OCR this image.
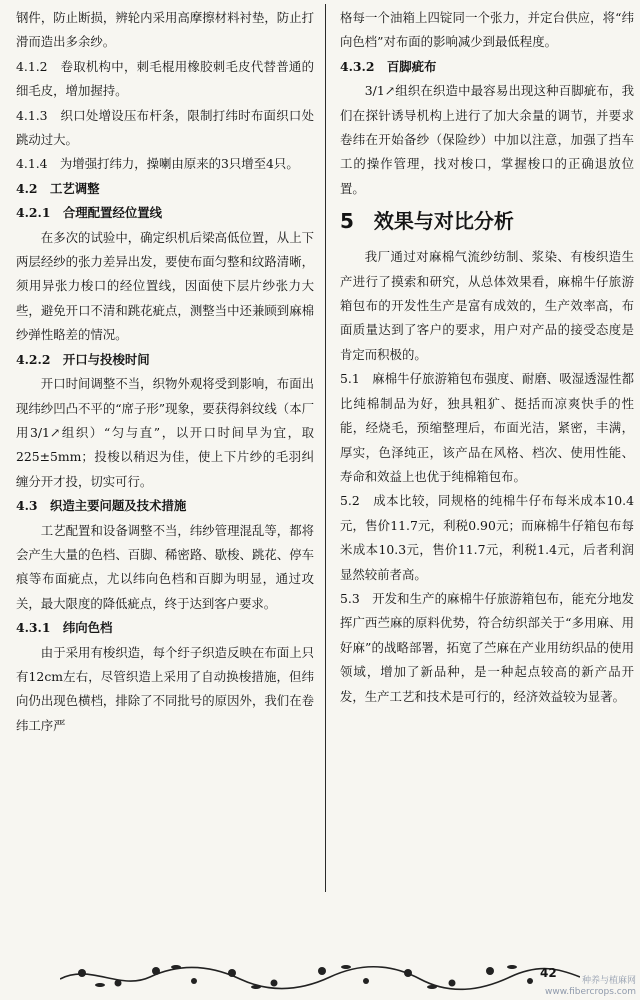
钢件，防止断损，辨轮内采用高摩擦材料衬垫，防止打滑而造出多余纱。

4.1.2　卷取机构中，刺毛棍用橡胶刺毛皮代替普通的细毛皮，增加握持。

4.1.3　织口处增设压布杆条，限制打纬时布面织口处跳动过大。

4.1.4　为增强打纬力，操喇由原来的3只增至4只。

4.2　工艺调整

4.2.1　合理配置经位置线

在多次的试验中，确定织机后梁高低位置，从上下两层经纱的张力差异出发，要使布面匀整和纹路清晰，须用异张力梭口的经位置线，因面使下层片纱张力大些，避免开口不清和跳花疵点，测整当中还兼顾到麻棉纱弹性略差的情况。

4.2.2　开口与投梭时间

开口时间调整不当，织物外观将受到影响，布面出现纬纱凹凸不平的“席子形”现象，要获得斜纹线（本厂用3/1↗组织）“匀与直”，以开口时间早为宜，取225±5mm；投梭以稍迟为佳，使上下片纱的毛羽纠缠分开才投，切实可行。

4.3　织造主要问题及技术措施

工艺配置和设备调整不当，纬纱管理混乱等，都将会产生大量的色档、百脚、稀密路、歇梭、跳花、停车痕等布面疵点，尤以纬向色档和百脚为明显，通过攻关，最大限度的降低疵点，终于达到客户要求。

4.3.1　纬向色档

由于采用有梭织造，每个纡子织造反映在布面上只有12cm左右，尽管织造上采用了自动换梭措施，但纬向仍出现色横档，排除了不同批号的原因外，我们在卷纬工序严

格每一个油箱上四锭同一个张力，并定台供应，将“纬向色档”对布面的影响减少到最低程度。

4.3.2　百脚疵布

3/1↗组织在织造中最容易出现这种百脚疵布，我们在探针诱导机构上进行了加大余量的调节，并要求卷纬在开始备纱（保险纱）中加以注意，加强了挡车工的操作管理，找对梭口，掌握梭口的正确退放位置。

5　效果与对比分析

我厂通过对麻棉气流纱纺制、浆染、有梭织造生产进行了摸索和研究，从总体效果看，麻棉牛仔旅游箱包布的开发性生产是富有成效的，生产效率高，布面质量达到了客户的要求，用户对产品的接受态度是肯定而积极的。

5.1　麻棉牛仔旅游箱包布强度、耐磨、吸湿透湿性都比纯棉制品为好，独具粗犷、挺括而凉爽快手的性能，经烧毛，预缩整理后，布面光洁，紧密，丰满，厚实，色泽纯正，该产品在风格、档次、使用性能、寿命和效益上也优于纯棉箱包布。

5.2　成本比较，同规格的纯棉牛仔布每米成本10.4元，售价11.7元，利税0.90元；而麻棉牛仔箱包布每米成本10.3元，售价11.7元，利税1.4元，后者利润显然较前者高。

5.3　开发和生产的麻棉牛仔旅游箱包布，能充分地发挥广西苎麻的原料优势，符合纺织部关于“多用麻、用好麻”的战略部署，拓宽了苎麻在产业用纺织品的使用领域，增加了新品种，是一种起点较高的新产品开发，生产工艺和技术是可行的，经济效益较为显著。

42
种养与植麻网
www.fibercrops.com
